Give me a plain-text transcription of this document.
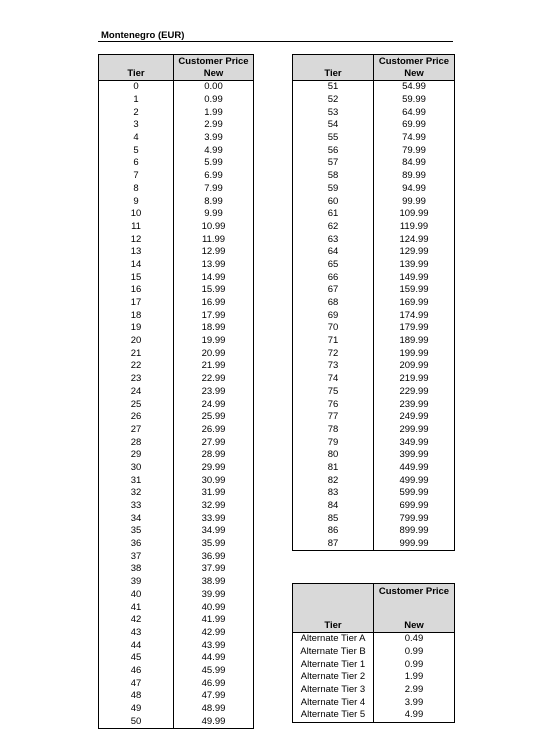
Montenegro (EUR)
Tier	Customer Price
New
0	0.00
1	0.99
2	1.99
3	2.99
4	3.99
5	4.99
6	5.99
7	6.99
8	7.99
9	8.99
10	9.99
11	10.99
12	11.99
13	12.99
14	13.99
15	14.99
16	15.99
17	16.99
18	17.99
19	18.99
20	19.99
21	20.99
22	21.99
23	22.99
24	23.99
25	24.99
26	25.99
27	26.99
28	27.99
29	28.99
30	29.99
31	30.99
32	31.99
33	32.99
34	33.99
35	34.99
36	35.99
37	36.99
38	37.99
39	38.99
40	39.99
41	40.99
42	41.99
43	42.99
44	43.99
45	44.99
46	45.99
47	46.99
48	47.99
49	48.99
50	49.99
Tier	Customer Price
New
51	54.99
52	59.99
53	64.99
54	69.99
55	74.99
56	79.99
57	84.99
58	89.99
59	94.99
60	99.99
61	109.99
62	119.99
63	124.99
64	129.99
65	139.99
66	149.99
67	159.99
68	169.99
69	174.99
70	179.99
71	189.99
72	199.99
73	209.99
74	219.99
75	229.99
76	239.99
77	249.99
78	299.99
79	349.99
80	399.99
81	449.99
82	499.99
83	599.99
84	699.99
85	799.99
86	899.99
87	999.99
Tier	Customer Price
New

Alternate Tier A	0.49
Alternate Tier B	0.99
Alternate Tier 1	0.99
Alternate Tier 2	1.99
Alternate Tier 3	2.99
Alternate Tier 4	3.99
Alternate Tier 5	4.99
